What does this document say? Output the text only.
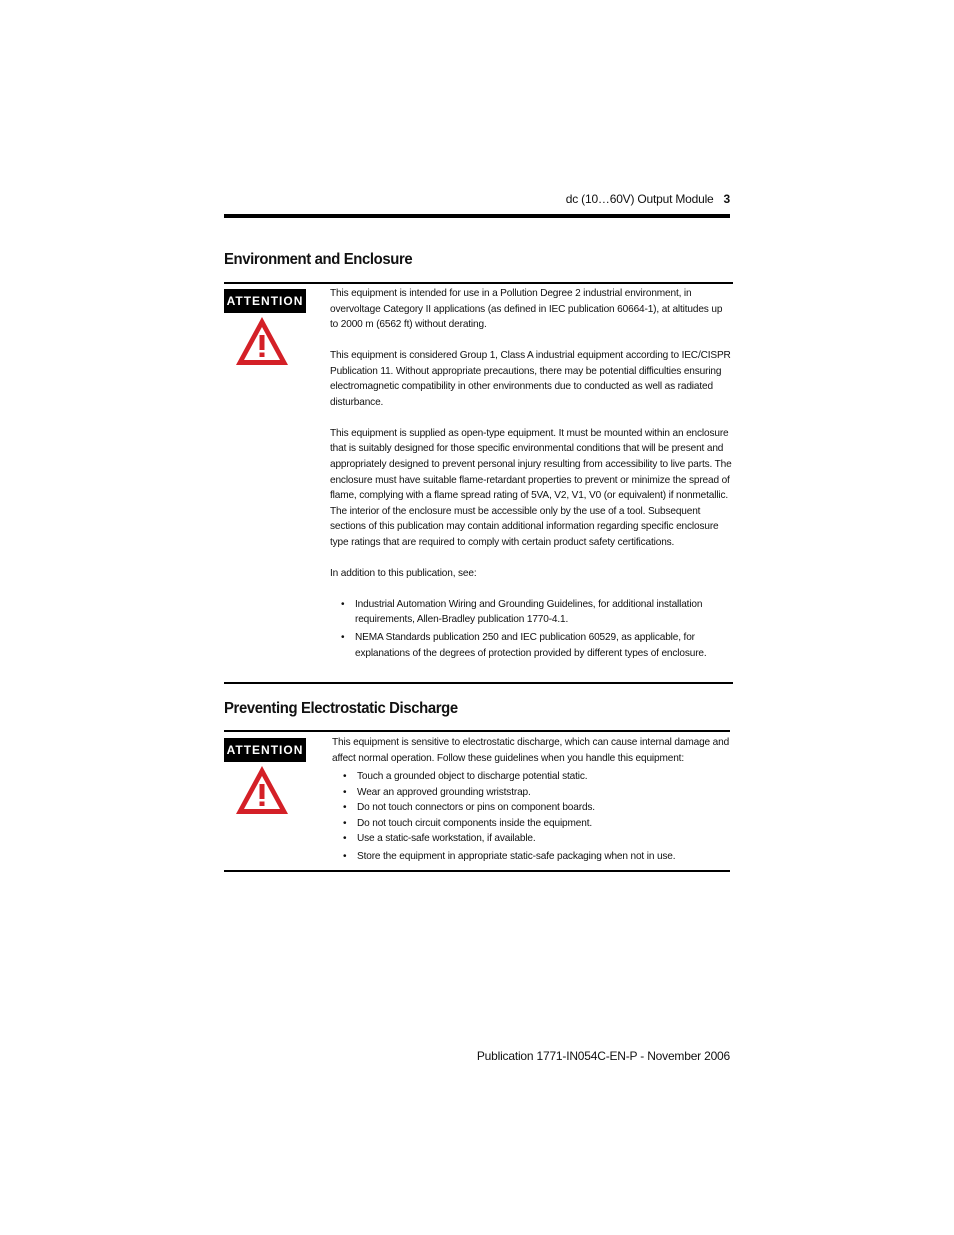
dc (10…60V) Output Module 3
Environment and Enclosure
ATTENTION

This equipment is intended for use in a Pollution Degree 2 industrial environment, in overvoltage Category II applications (as defined in IEC publication 60664-1), at altitudes up to 2000 m (6562 ft) without derating.

This equipment is considered Group 1, Class A industrial equipment according to IEC/CISPR Publication 11. Without appropriate precautions, there may be potential difficulties ensuring electromagnetic compatibility in other environments due to conducted as well as radiated disturbance.

This equipment is supplied as open-type equipment. It must be mounted within an enclosure that is suitably designed for those specific environmental conditions that will be present and appropriately designed to prevent personal injury resulting from accessibility to live parts. The enclosure must have suitable flame-retardant properties to prevent or minimize the spread of flame, complying with a flame spread rating of 5VA, V2, V1, V0 (or equivalent) if nonmetallic. The interior of the enclosure must be accessible only by the use of a tool. Subsequent sections of this publication may contain additional information regarding specific enclosure type ratings that are required to comply with certain product safety certifications.

In addition to this publication, see:

• Industrial Automation Wiring and Grounding Guidelines, for additional installation requirements, Allen-Bradley publication 1770-4.1.
• NEMA Standards publication 250 and IEC publication 60529, as applicable, for explanations of the degrees of protection provided by different types of enclosure.
Preventing Electrostatic Discharge
ATTENTION

This equipment is sensitive to electrostatic discharge, which can cause internal damage and affect normal operation. Follow these guidelines when you handle this equipment:

• Touch a grounded object to discharge potential static.
• Wear an approved grounding wriststrap.
• Do not touch connectors or pins on component boards.
• Do not touch circuit components inside the equipment.
• Use a static-safe workstation, if available.
• Store the equipment in appropriate static-safe packaging when not in use.
Publication 1771-IN054C-EN-P - November 2006
